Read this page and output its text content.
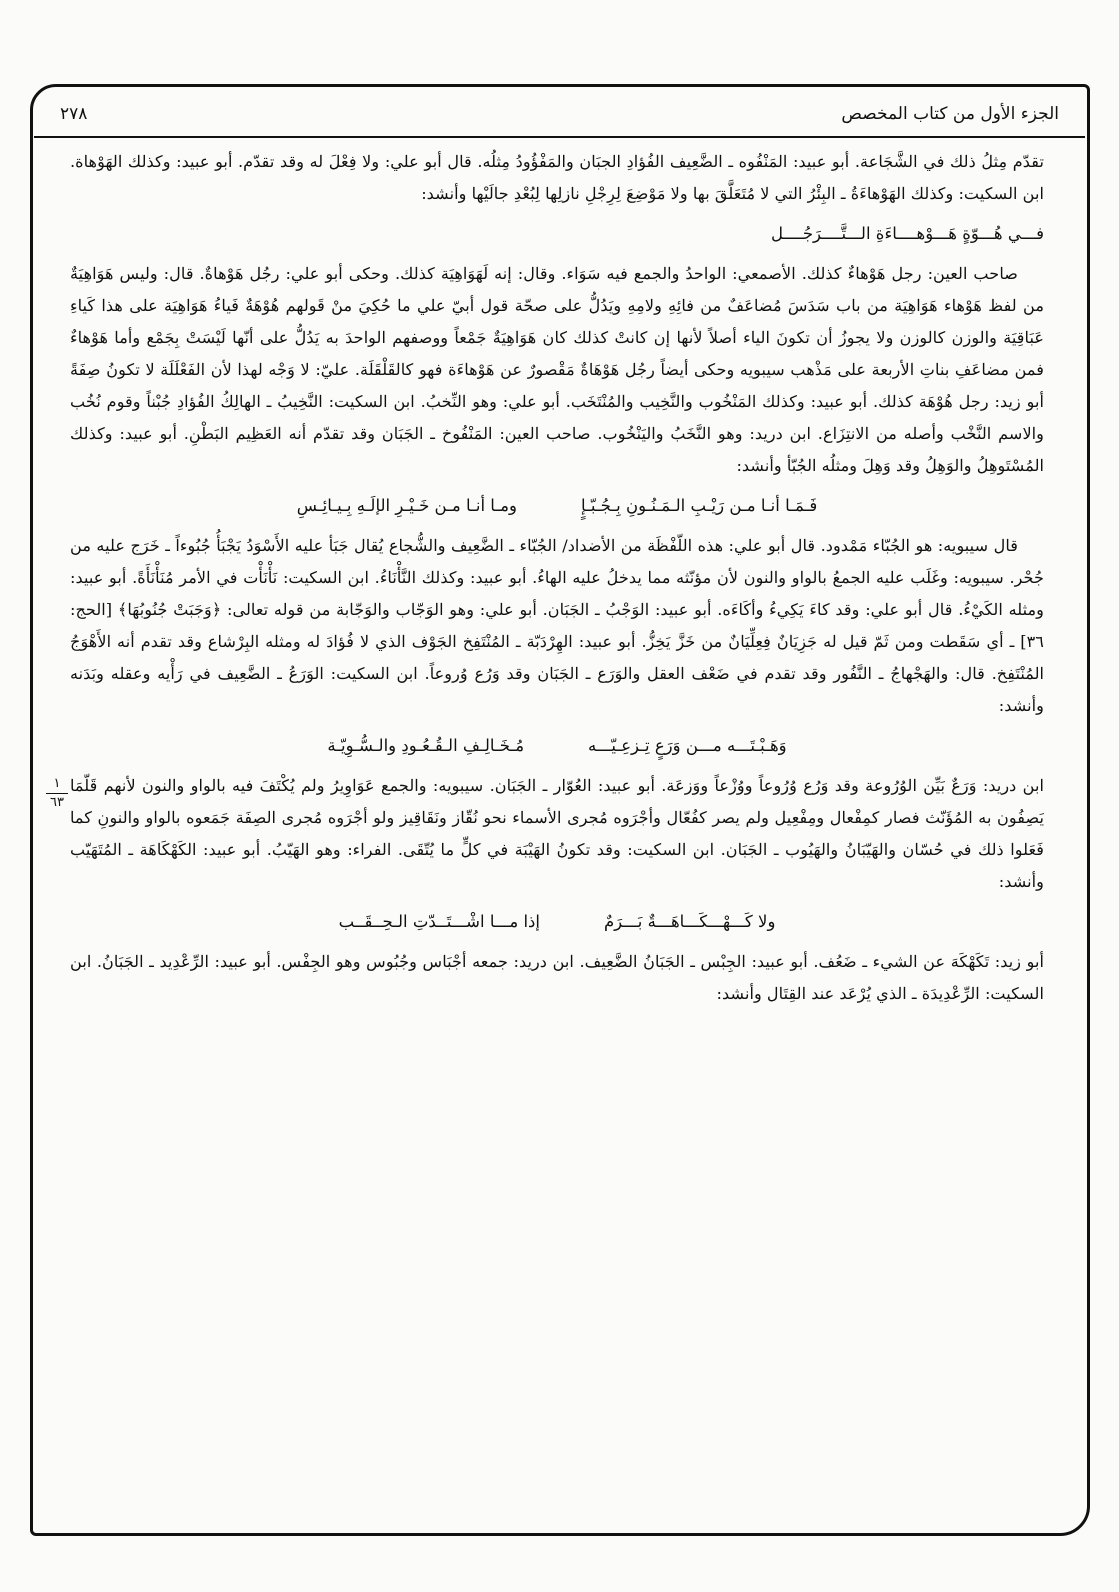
الجزء الأول من كتاب المخصص
٢٧٨
١
٦٣

تقدّم مِثلُ ذلك في الشَّجَاعة. أبو عبيد: المَنْفُوه ـ الضَّعِيف الفُؤادِ الجبَان والمَفْؤُودُ مِثلُه. قال أبو علي: ولا فِعْلَ له وقد تقدّم. أبو عبيد: وكذلك الهَوْهاة. ابن السكيت: وكذلك الهَوْهاءَةُ ـ البِئْرُ التي لا مُتَعَلَّقَ بها ولا مَوْضِعَ لِرِجْلِ نازلِها لِبُعْدِ جالَيْها وأنشد:

فـــي هُـــوّةٍ هَـــوْهــــاءَةِ الـــتَّــــرَجُــــل

صاحب العين: رجل هَوْهاءٌ كذلك. الأصمعي: الواحدُ والجمع فيه سَوَاء. وقال: إنه لَهَوَاهِيَة كذلك. وحكى أبو علي: رجُل هَوْهاةٌ. قال: وليس هَوَاهِيَةٌ من لفظ هَوْهاء هَوَاهِيَة من باب سَدَسَ مُضاعَفٌ من فائِهِ ولامِهِ ويَدُلُّ على صحّة قول أبيّ علي ما حُكِيَ منْ قَولهم هُوْهَةٌ فَياءُ هَوَاهِيَة على هذا كَياءِ عَبَاقِيَة والوزن كالوزن ولا يجوزُ أن تكونَ الياء أصلاً لأنها إن كانتْ كذلك كان هَوَاهِيَةٌ جَمْعاً ووصفهم الواحدَ به يَدُلُّ على أنّها لَيْسَتْ بِجَمْع وأما هَوْهاءٌ فمن مضاعَفِ بناتِ الأربعة على مَذْهب سيبويه وحكى أيضاً رجُل هَوْهَاةٌ مَقْصورٌ عن هَوْهاءَة فهو كالقَلْقَلَة. عليّ: لا وَجْه لهذا لأن الفَعْلَلَة لا تكونُ صِفَةً أبو زيد: رجل هُوْهَة كذلك. أبو عبيد: وكذلك المَنْخُوب والنَّخِيب والمُنْتَخَب. أبو علي: وهو النِّخبُ. ابن السكيت: النَّخِيبُ ـ الهالِكُ الفُؤادِ جُبْناً وقوم نُخُب والاسم النَّخْب وأصله من الانتِزَاع. ابن دريد: وهو النَّخَبُ واليَنْخُوب. صاحب العين: المَنْفُوخ ـ الجَبَان وقد تقدّم أنه العَظِيم البَطْنِ. أبو عبيد: وكذلك المُسْتَوهِلُ والوَهِلُ وقد وَهِلَ ومثلُه الجُبّأ وأنشد:

فَـمَـا أنـا مـن رَيْـبِ الـمَـنُـونِ بِـجُـبّـإٍ
ومـا أنـا مـن خَـيْـرِ الإلَـهِ بِـيـائِـسِ

قال سيبويه: هو الجُبّاء مَمْدود. قال أبو علي: هذه اللّفْظَة من الأضداد/ الجُبّاء ـ الضَّعِيف والشُّجاع يُقال جَبَأ عليه الأَسْوَدُ يَجْبَأُ جُبُوءاً ـ خَرَج عليه من جُحْر. سيبويه: وغَلَب عليه الجمعُ بالواو والنون لأن مؤنّثه مما يدخلُ عليه الهاءُ. أبو عبيد: وكذلك النَّأْنَاءُ. ابن السكيت: نَأْنَأْت في الأمر مُنَأْنَأَةً. أبو عبيد: ومثله الكَيْءُ. قال أبو علي: وقد كاءَ يَكِيءُ وأكَاءَه. أبو عبيد: الوَجْبُ ـ الجَبَان. أبو علي: وهو الوَجّاب والوَجّابة من قوله تعالى: ﴿وَجَبَتْ جُنُوبُهَا﴾ [الحج: ٣٦] ـ أي سَقَطت ومن ثَمّ قيل له جَزِيَانٌ فِعِلِّيَانٌ من خَزَّ يَخِزُّ. أبو عبيد: الهِرْدَبّة ـ المُنْتَفِخ الجَوْف الذي لا فُؤادَ له ومثله البِرْشاع وقد تقدم أنه الأَهْوَجُ المُنْتَفِخ. قال: والهَجْهاجُ ـ النَّفُور وقد تقدم في ضَعْف العقل والوَرَع ـ الجَبَان وقد وَرُع وُروعاً. ابن السكيت: الوَرَعُ ـ الضَّعِيف في رَأْيه وعقله وبَدَنه وأنشد:

وَهَـبْـتَـــه مـــن وَرَعٍ تِـزعِـيّـــه
مُـخَـالِـفِ الـقُـعُـودِ والـسُّـوِيّـة

ابن دريد: وَرَعٌ بَيِّن الوُرُوعة وقد وَرُع وُرُوعاً ووُزْعاً ووَزعَة. أبو عبيد: العُوّار ـ الجَبَان. سيبويه: والجمع عَوَاوِيرُ ولم يُكْتَفَ فيه بالواو والنون لأنهم قَلّمَا يَصِفُون به المُؤَنّث فصار كمِفْعال ومِفْعِيل ولم يصر كفُعّال وأجْرَوه مُجرى الأسماء نحو نُقّاز ونَقَاقِيز ولو أجْرَوه مُجرى الصِفَة جَمَعوه بالواو والنونِ كما فَعَلوا ذلك في حُسّان والهَيّبَانُ والهَيُوب ـ الجَبَان. ابن السكيت: وقد تكونُ الهَيْبَة في كلٍّ ما يُتّقَى. الفراء: وهو الهَيّبُ. أبو عبيد: الكَهْكَاهَة ـ المُتَهَيّب وأنشد:

ولا كَـــهْـــكَـــاهَـــةٌ بَـــرَمٌ
إذا مـــا اشْـــتَــدّتِ الـحِــقَــب

أبو زيد: تَكَهْكَهَ عن الشيء ـ ضَعُف. أبو عبيد: الجِبْس ـ الجَبَانُ الضَّعِيف. ابن دريد: جمعه أجْبَاس وجُبُوس وهو الجِفْس. أبو عبيد: الرِّعْدِيد ـ الجَبَانُ. ابن السكيت: الرِّعْدِيدَة ـ الذي يُرْعَد عند القِتَال وأنشد:
